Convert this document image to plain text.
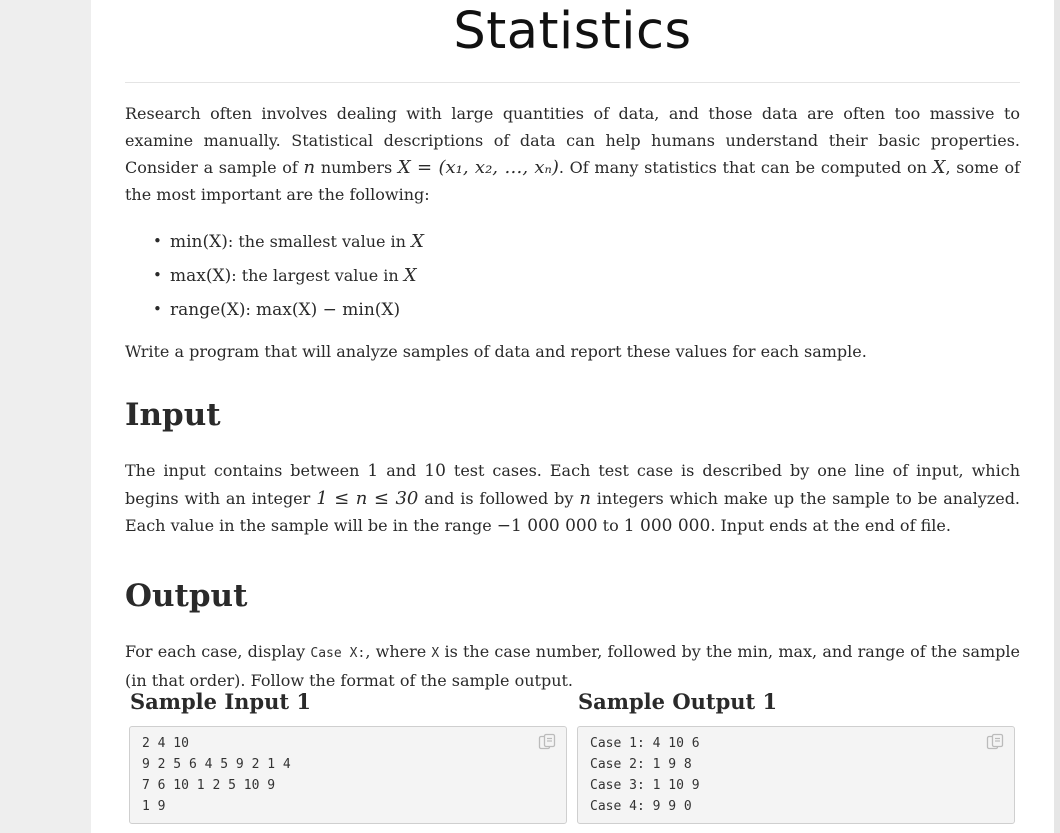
Statistics

Research often involves dealing with large quantities of data, and those data are often too massive to examine manually. Statistical descriptions of data can help humans understand their basic properties. Consider a sample of n numbers X = (x₁, x₂, …, xₙ). Of many statistics that can be computed on X, some of the most important are the following:

• min(X): the smallest value in X
• max(X): the largest value in X
• range(X): max(X) − min(X)

Write a program that will analyze samples of data and report these values for each sample.

Input

The input contains between 1 and 10 test cases. Each test case is described by one line of input, which begins with an integer 1 ≤ n ≤ 30 and is followed by n integers which make up the sample to be analyzed. Each value in the sample will be in the range −1 000 000 to 1 000 000. Input ends at the end of file.

Output

For each case, display Case X:, where X is the case number, followed by the min, max, and range of the sample (in that order). Follow the format of the sample output.

Sample Input 1
2 4 10
9 2 5 6 4 5 9 2 1 4
7 6 10 1 2 5 10 9
1 9
Sample Output 1
Case 1: 4 10 6
Case 2: 1 9 8
Case 3: 1 10 9
Case 4: 9 9 0
